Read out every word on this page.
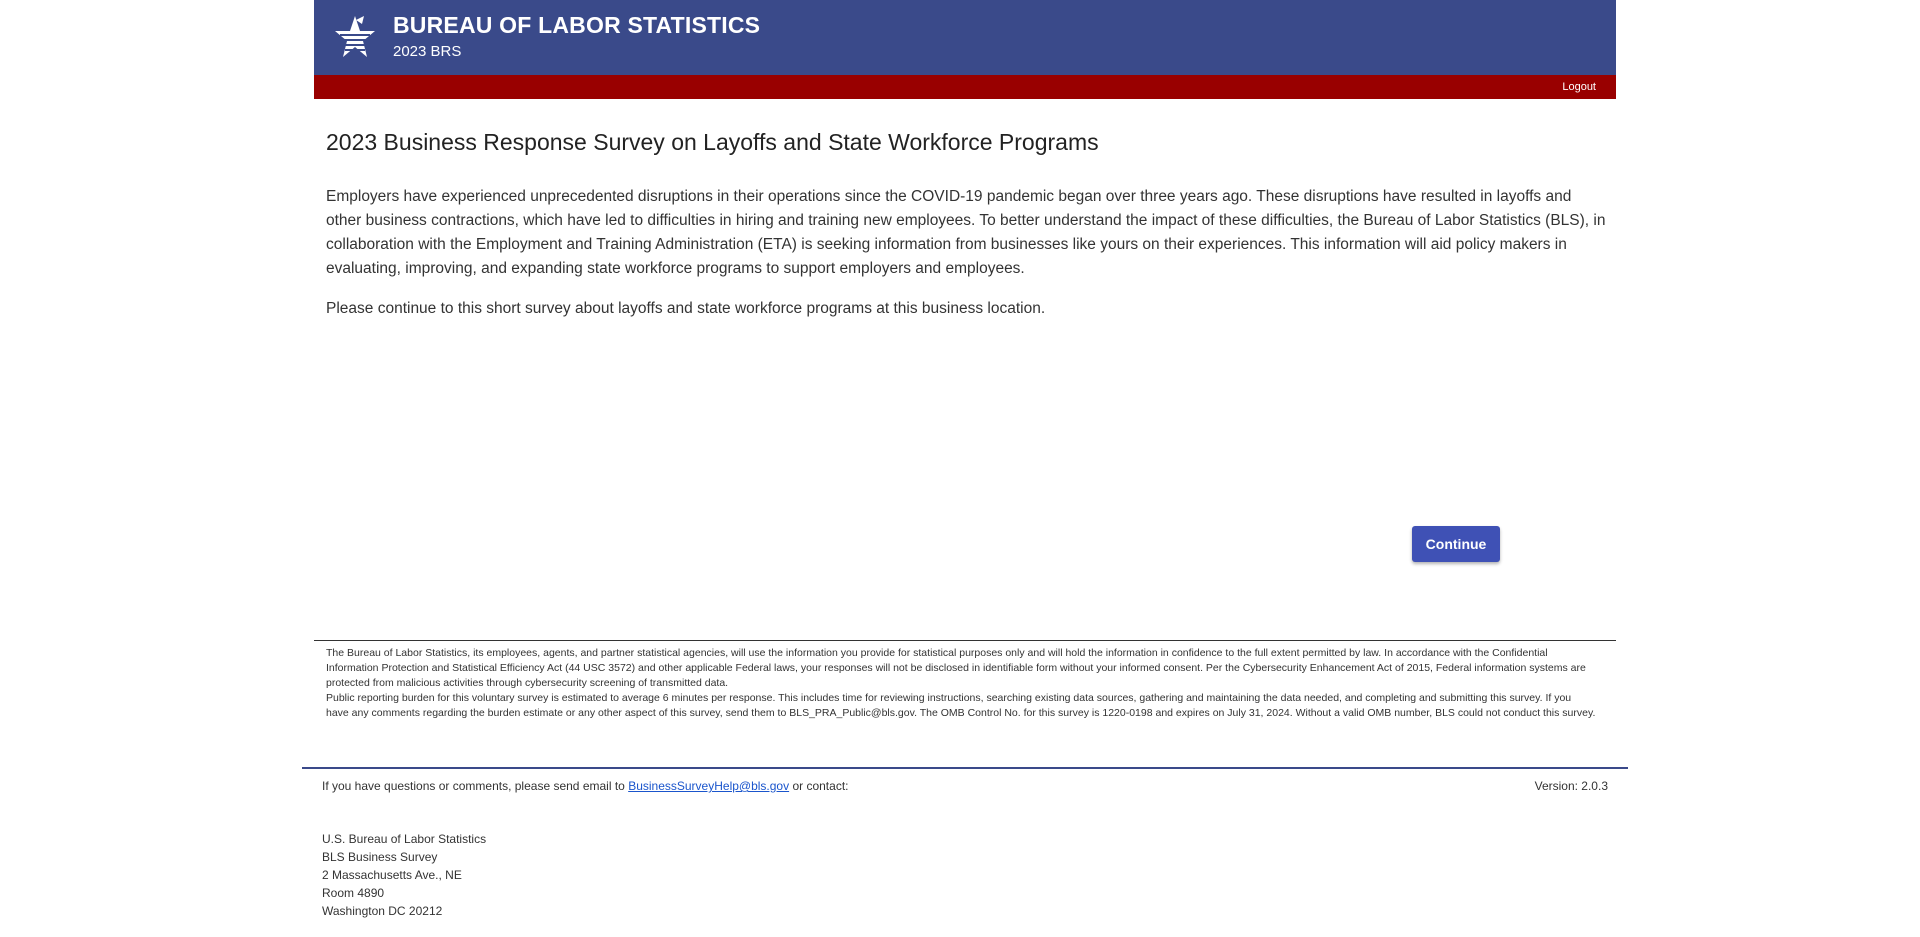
BUREAU OF LABOR STATISTICS
2023 BRS
Logout
2023 Business Response Survey on Layoffs and State Workforce Programs

Employers have experienced unprecedented disruptions in their operations since the COVID-19 pandemic began over three years ago. These disruptions have resulted in layoffs and other business contractions, which have led to difficulties in hiring and training new employees. To better understand the impact of these difficulties, the Bureau of Labor Statistics (BLS), in collaboration with the Employment and Training Administration (ETA) is seeking information from businesses like yours on their experiences. This information will aid policy makers in evaluating, improving, and expanding state workforce programs to support employers and employees.

Please continue to this short survey about layoffs and state workforce programs at this business location.

Continue

The Bureau of Labor Statistics, its employees, agents, and partner statistical agencies, will use the information you provide for statistical purposes only and will hold the information in confidence to the full extent permitted by law. In accordance with the Confidential Information Protection and Statistical Efficiency Act (44 USC 3572) and other applicable Federal laws, your responses will not be disclosed in identifiable form without your informed consent. Per the Cybersecurity Enhancement Act of 2015, Federal information systems are protected from malicious activities through cybersecurity screening of transmitted data.

Public reporting burden for this voluntary survey is estimated to average 6 minutes per response. This includes time for reviewing instructions, searching existing data sources, gathering and maintaining the data needed, and completing and submitting this survey. If you have any comments regarding the burden estimate or any other aspect of this survey, send them to BLS_PRA_Public@bls.gov. The OMB Control No. for this survey is 1220-0198 and expires on July 31, 2024. Without a valid OMB number, BLS could not conduct this survey.

If you have questions or comments, please send email to BusinessSurveyHelp@bls.gov or contact:	Version: 2.0.3
U.S. Bureau of Labor Statistics
BLS Business Survey
2 Massachusetts Ave., NE
Room 4890
Washington DC 20212
